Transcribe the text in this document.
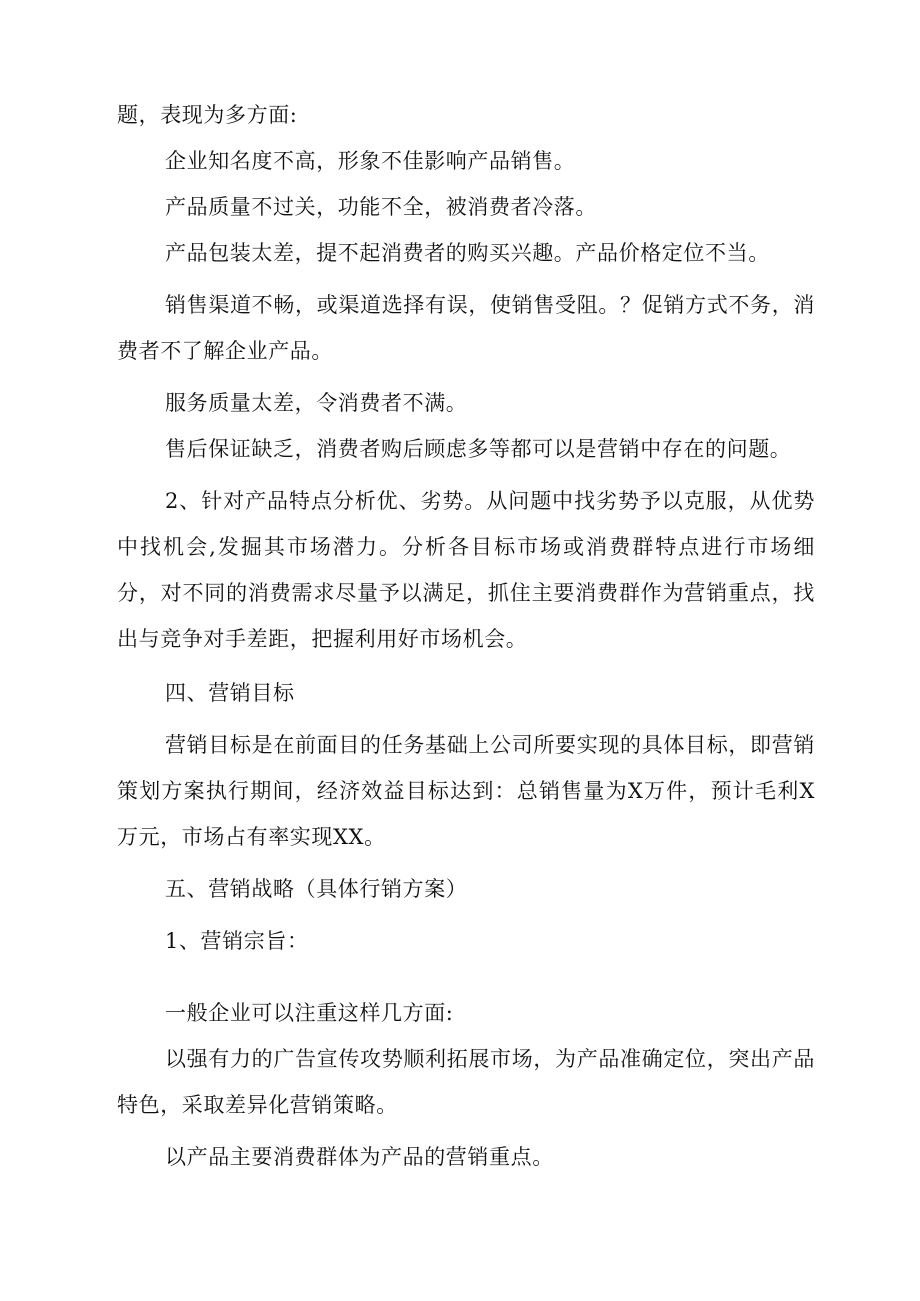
题，表现为多方面:

企业知名度不高，形象不佳影响产品销售。

产品质量不过关，功能不全，被消费者冷落。

产品包装太差，提不起消费者的购买兴趣。产品价格定位不当。

销售渠道不畅，或渠道选择有误，使销售受阻。？促销方式不务，消费者不了解企业产品。

服务质量太差，令消费者不满。

售后保证缺乏，消费者购后顾虑多等都可以是营销中存在的问题。

2、针对产品特点分析优、劣势。从问题中找劣势予以克服，从优势中找机会,发掘其市场潜力。分析各目标市场或消费群特点进行市场细分，对不同的消费需求尽量予以满足，抓住主要消费群作为营销重点，找出与竞争对手差距，把握利用好市场机会。

四、营销目标

营销目标是在前面目的任务基础上公司所要实现的具体目标，即营销策划方案执行期间，经济效益目标达到：总销售量为X万件，预计毛利X万元，市场占有率实现XX。

五、营销战略（具体行销方案）

1、营销宗旨：

一般企业可以注重这样几方面:

以强有力的广告宣传攻势顺利拓展市场，为产品准确定位，突出产品特色，采取差异化营销策略。

以产品主要消费群体为产品的营销重点。
